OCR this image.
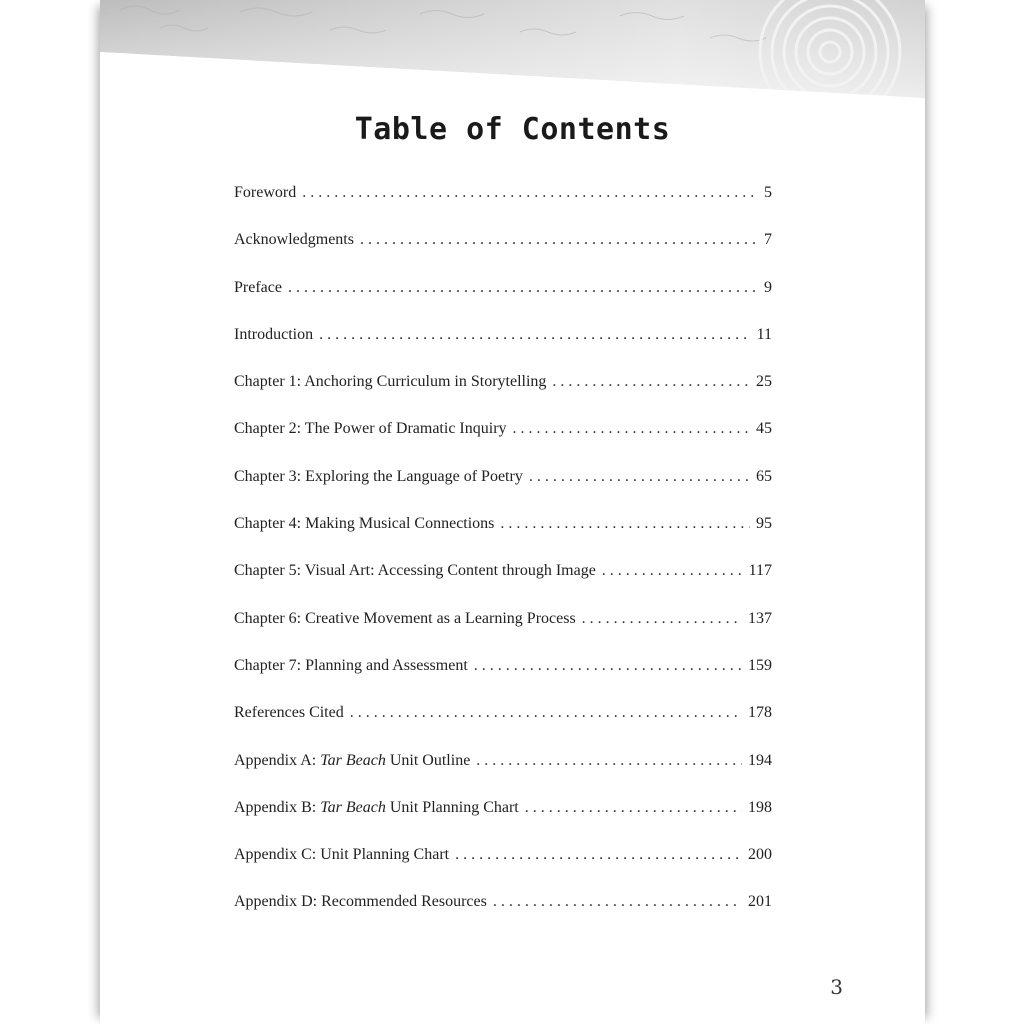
Table of Contents
Foreword . . .	5
Acknowledgments . . .	7
Preface . . .	9
Introduction . . .	11
Chapter 1: Anchoring Curriculum in Storytelling . . .	25
Chapter 2: The Power of Dramatic Inquiry . . .	45
Chapter 3: Exploring the Language of Poetry . . .	65
Chapter 4: Making Musical Connections . . .	95
Chapter 5: Visual Art: Accessing Content through Image . . .	117
Chapter 6: Creative Movement as a Learning Process . . .	137
Chapter 7: Planning and Assessment . . .	159
References Cited . . .	178
Appendix A: Tar Beach Unit Outline . . .	194
Appendix B: Tar Beach Unit Planning Chart . . .	198
Appendix C: Unit Planning Chart . . .	200
Appendix D: Recommended Resources . . .	201
3
